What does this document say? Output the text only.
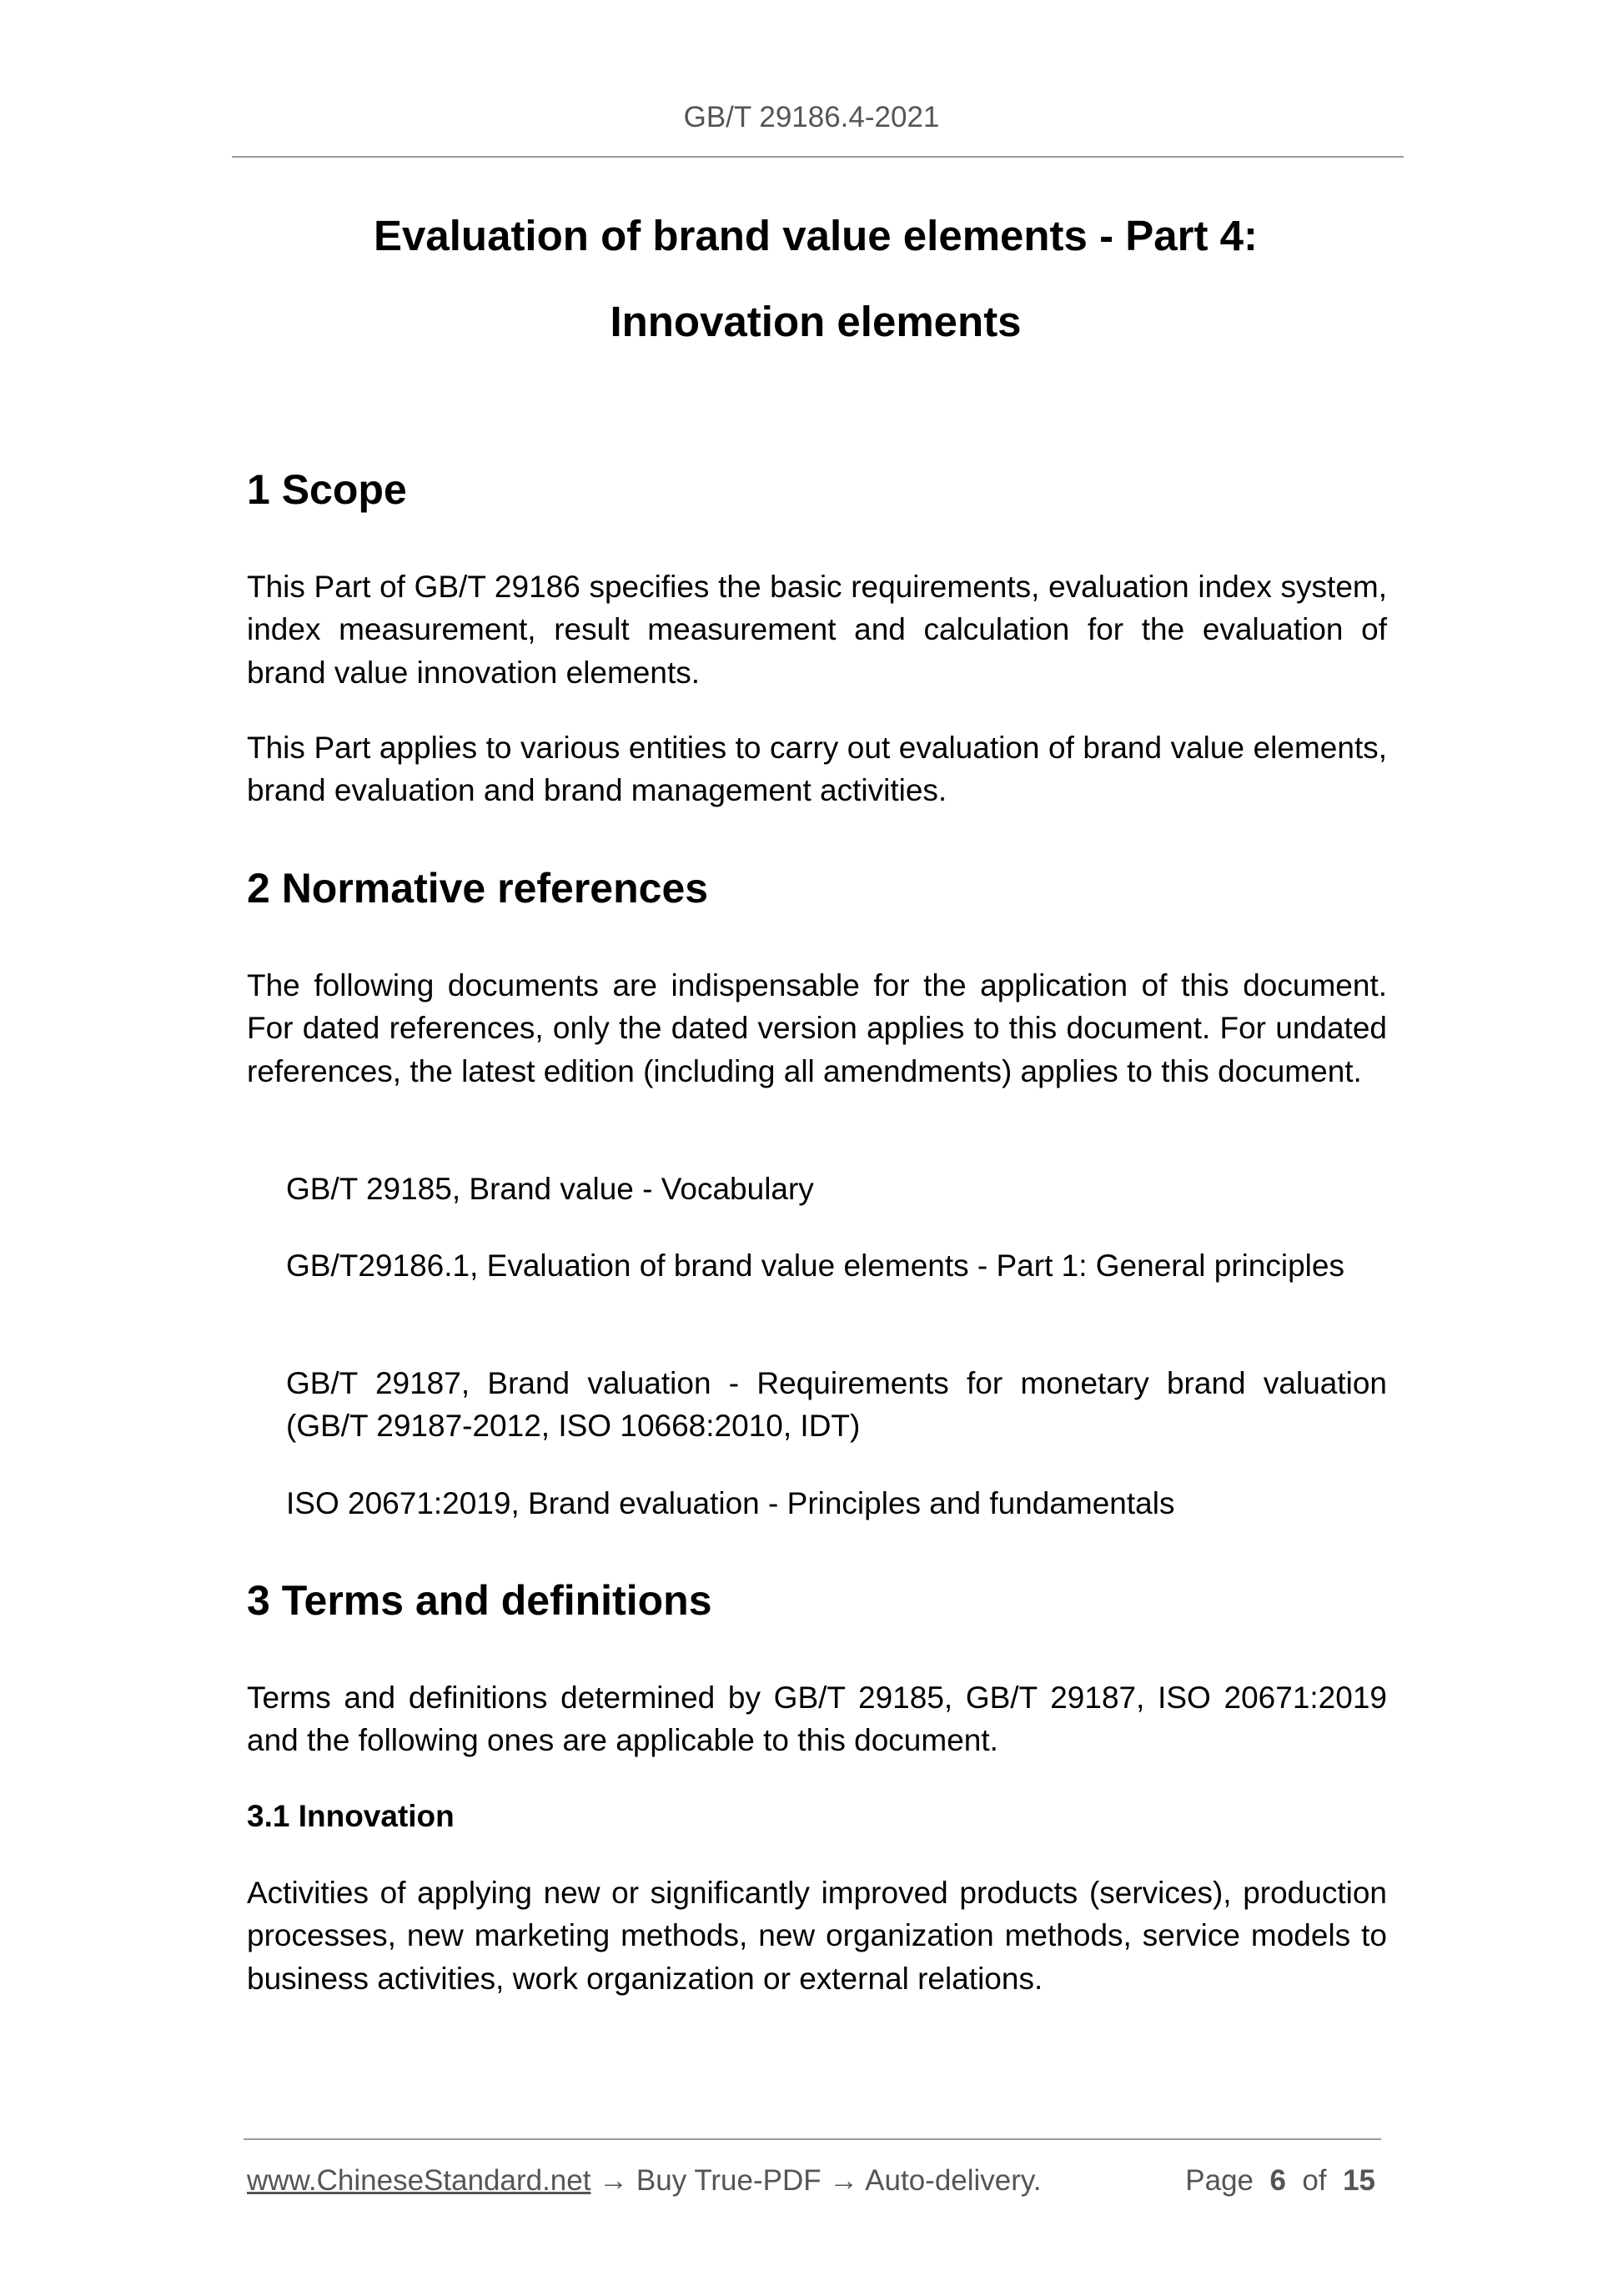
GB/T 29186.4-2021
Evaluation of brand value elements - Part 4:
Innovation elements
1 Scope
This Part of GB/T 29186 specifies the basic requirements, evaluation index system, index measurement, result measurement and calculation for the evaluation of brand value innovation elements.
This Part applies to various entities to carry out evaluation of brand value elements, brand evaluation and brand management activities.
2 Normative references
The following documents are indispensable for the application of this document. For dated references, only the dated version applies to this document. For undated references, the latest edition (including all amendments) applies to this document.
GB/T 29185, Brand value - Vocabulary
GB/T29186.1, Evaluation of brand value elements - Part 1: General principles
GB/T 29187, Brand valuation - Requirements for monetary brand valuation (GB/T 29187-2012, ISO 10668:2010, IDT)
ISO 20671:2019, Brand evaluation - Principles and fundamentals
3 Terms and definitions
Terms and definitions determined by GB/T 29185, GB/T 29187, ISO 20671:2019 and the following ones are applicable to this document.
3.1 Innovation
Activities of applying new or significantly improved products (services), production processes, new marketing methods, new organization methods, service models to business activities, work organization or external relations.
www.ChineseStandard.net → Buy True-PDF → Auto-delivery.	Page 6 of 15
